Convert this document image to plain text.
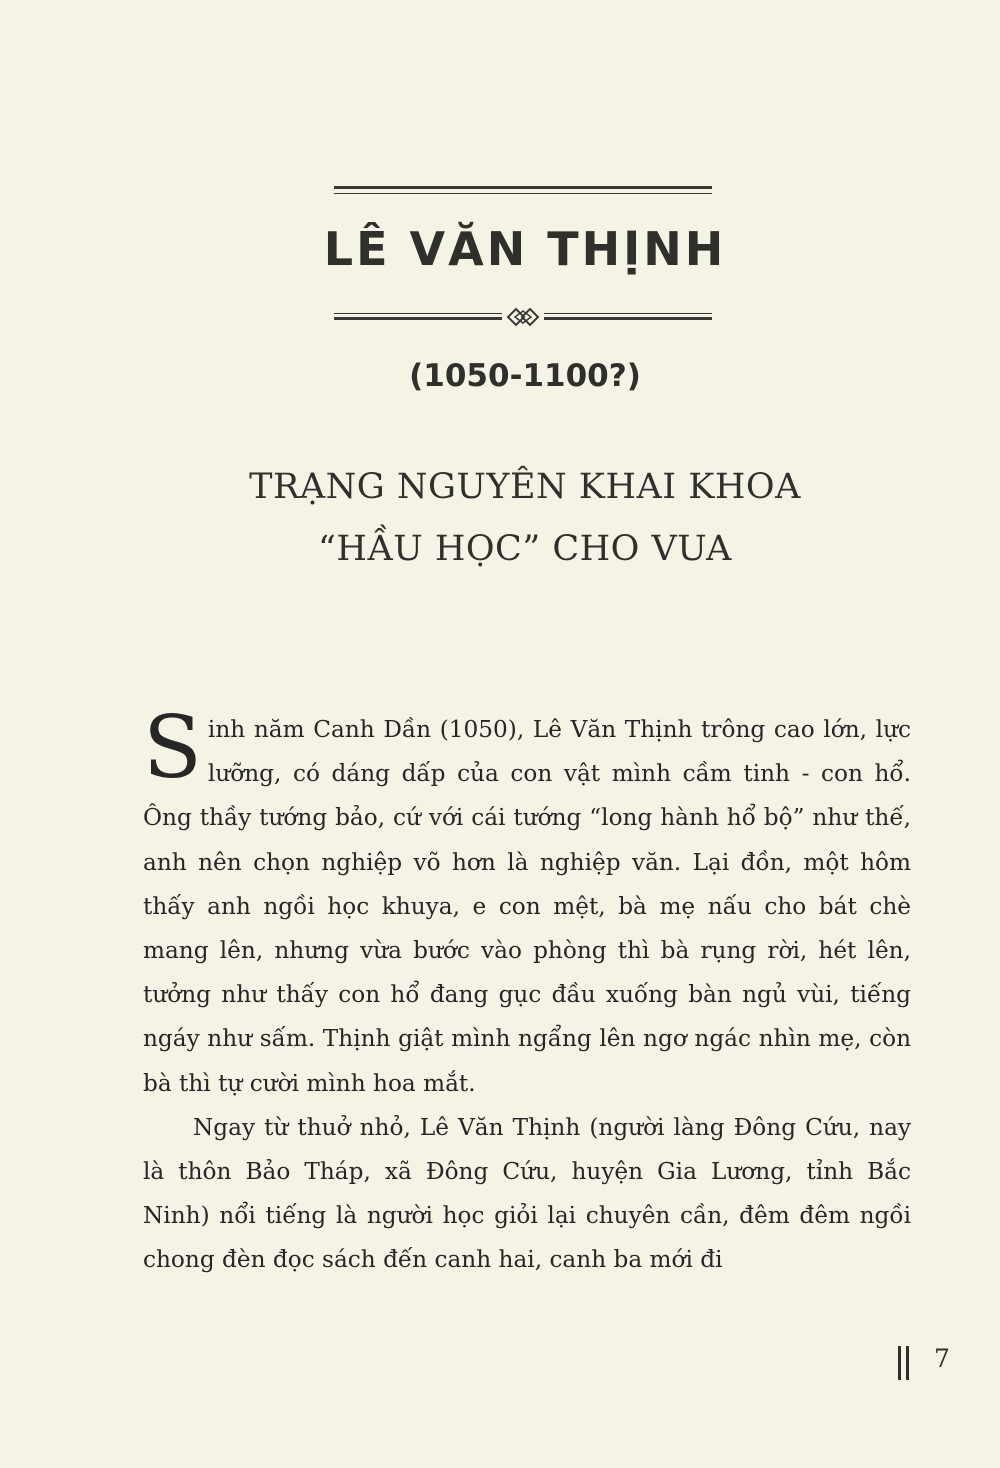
LÊ VĂN THỊNH
(1050-1100?)
TRẠNG NGUYÊN KHAI KHOA
“HẦU HỌC” CHO VUA

Sinh năm Canh Dần (1050), Lê Văn Thịnh trông cao lớn, lực lưỡng, có dáng dấp của con vật mình cầm tinh - con hổ. Ông thầy tướng bảo, cứ với cái tướng “long hành hổ bộ” như thế, anh nên chọn nghiệp võ hơn là nghiệp văn. Lại đồn, một hôm thấy anh ngồi học khuya, e con mệt, bà mẹ nấu cho bát chè mang lên, nhưng vừa bước vào phòng thì bà rụng rời, hét lên, tưởng như thấy con hổ đang gục đầu xuống bàn ngủ vùi, tiếng ngáy như sấm. Thịnh giật mình ngẩng lên ngơ ngác nhìn mẹ, còn bà thì tự cười mình hoa mắt.

Ngay từ thuở nhỏ, Lê Văn Thịnh (người làng Đông Cứu, nay là thôn Bảo Tháp, xã Đông Cứu, huyện Gia Lương, tỉnh Bắc Ninh) nổi tiếng là người học giỏi lại chuyên cần, đêm đêm ngồi chong đèn đọc sách đến canh hai, canh ba mới đi

7
